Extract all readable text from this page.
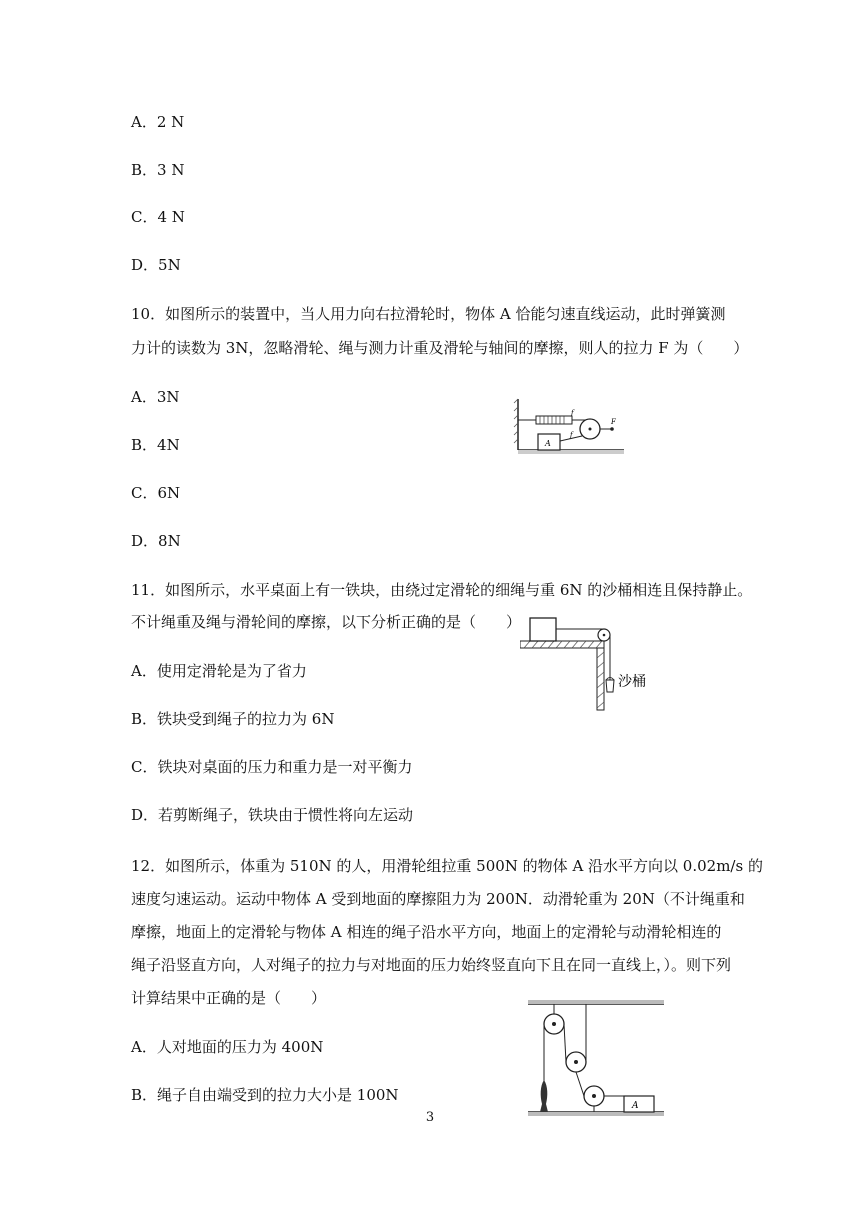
A．2 N
B．3 N
C．4 N
D．5N
10．如图所示的装置中，当人用力向右拉滑轮时，物体 A 恰能匀速直线运动，此时弹簧测
力计的读数为 3N，忽略滑轮、绳与测力计重及滑轮与轴间的摩擦，则人的拉力 F 为（　　）
A．3N
B．4N
C．6N
D．8N
A
f
f
F
11．如图所示，水平桌面上有一铁块，由绕过定滑轮的细绳与重 6N 的沙桶相连且保持静止。
不计绳重及绳与滑轮间的摩擦，以下分析正确的是（　　）
A．使用定滑轮是为了省力
B．铁块受到绳子的拉力为 6N
C．铁块对桌面的压力和重力是一对平衡力
D．若剪断绳子，铁块由于惯性将向左运动
沙桶
12．如图所示，体重为 510N 的人，用滑轮组拉重 500N 的物体 A 沿水平方向以 0.02m/s 的
速度匀速运动。运动中物体 A 受到地面的摩擦阻力为 200N．动滑轮重为 20N（不计绳重和
摩擦，地面上的定滑轮与物体 A 相连的绳子沿水平方向，地面上的定滑轮与动滑轮相连的
绳子沿竖直方向，人对绳子的拉力与对地面的压力始终竖直向下且在同一直线上，）。则下列
计算结果中正确的是（　　）
A．人对地面的压力为 400N
B．绳子自由端受到的拉力大小是 100N
A
3
